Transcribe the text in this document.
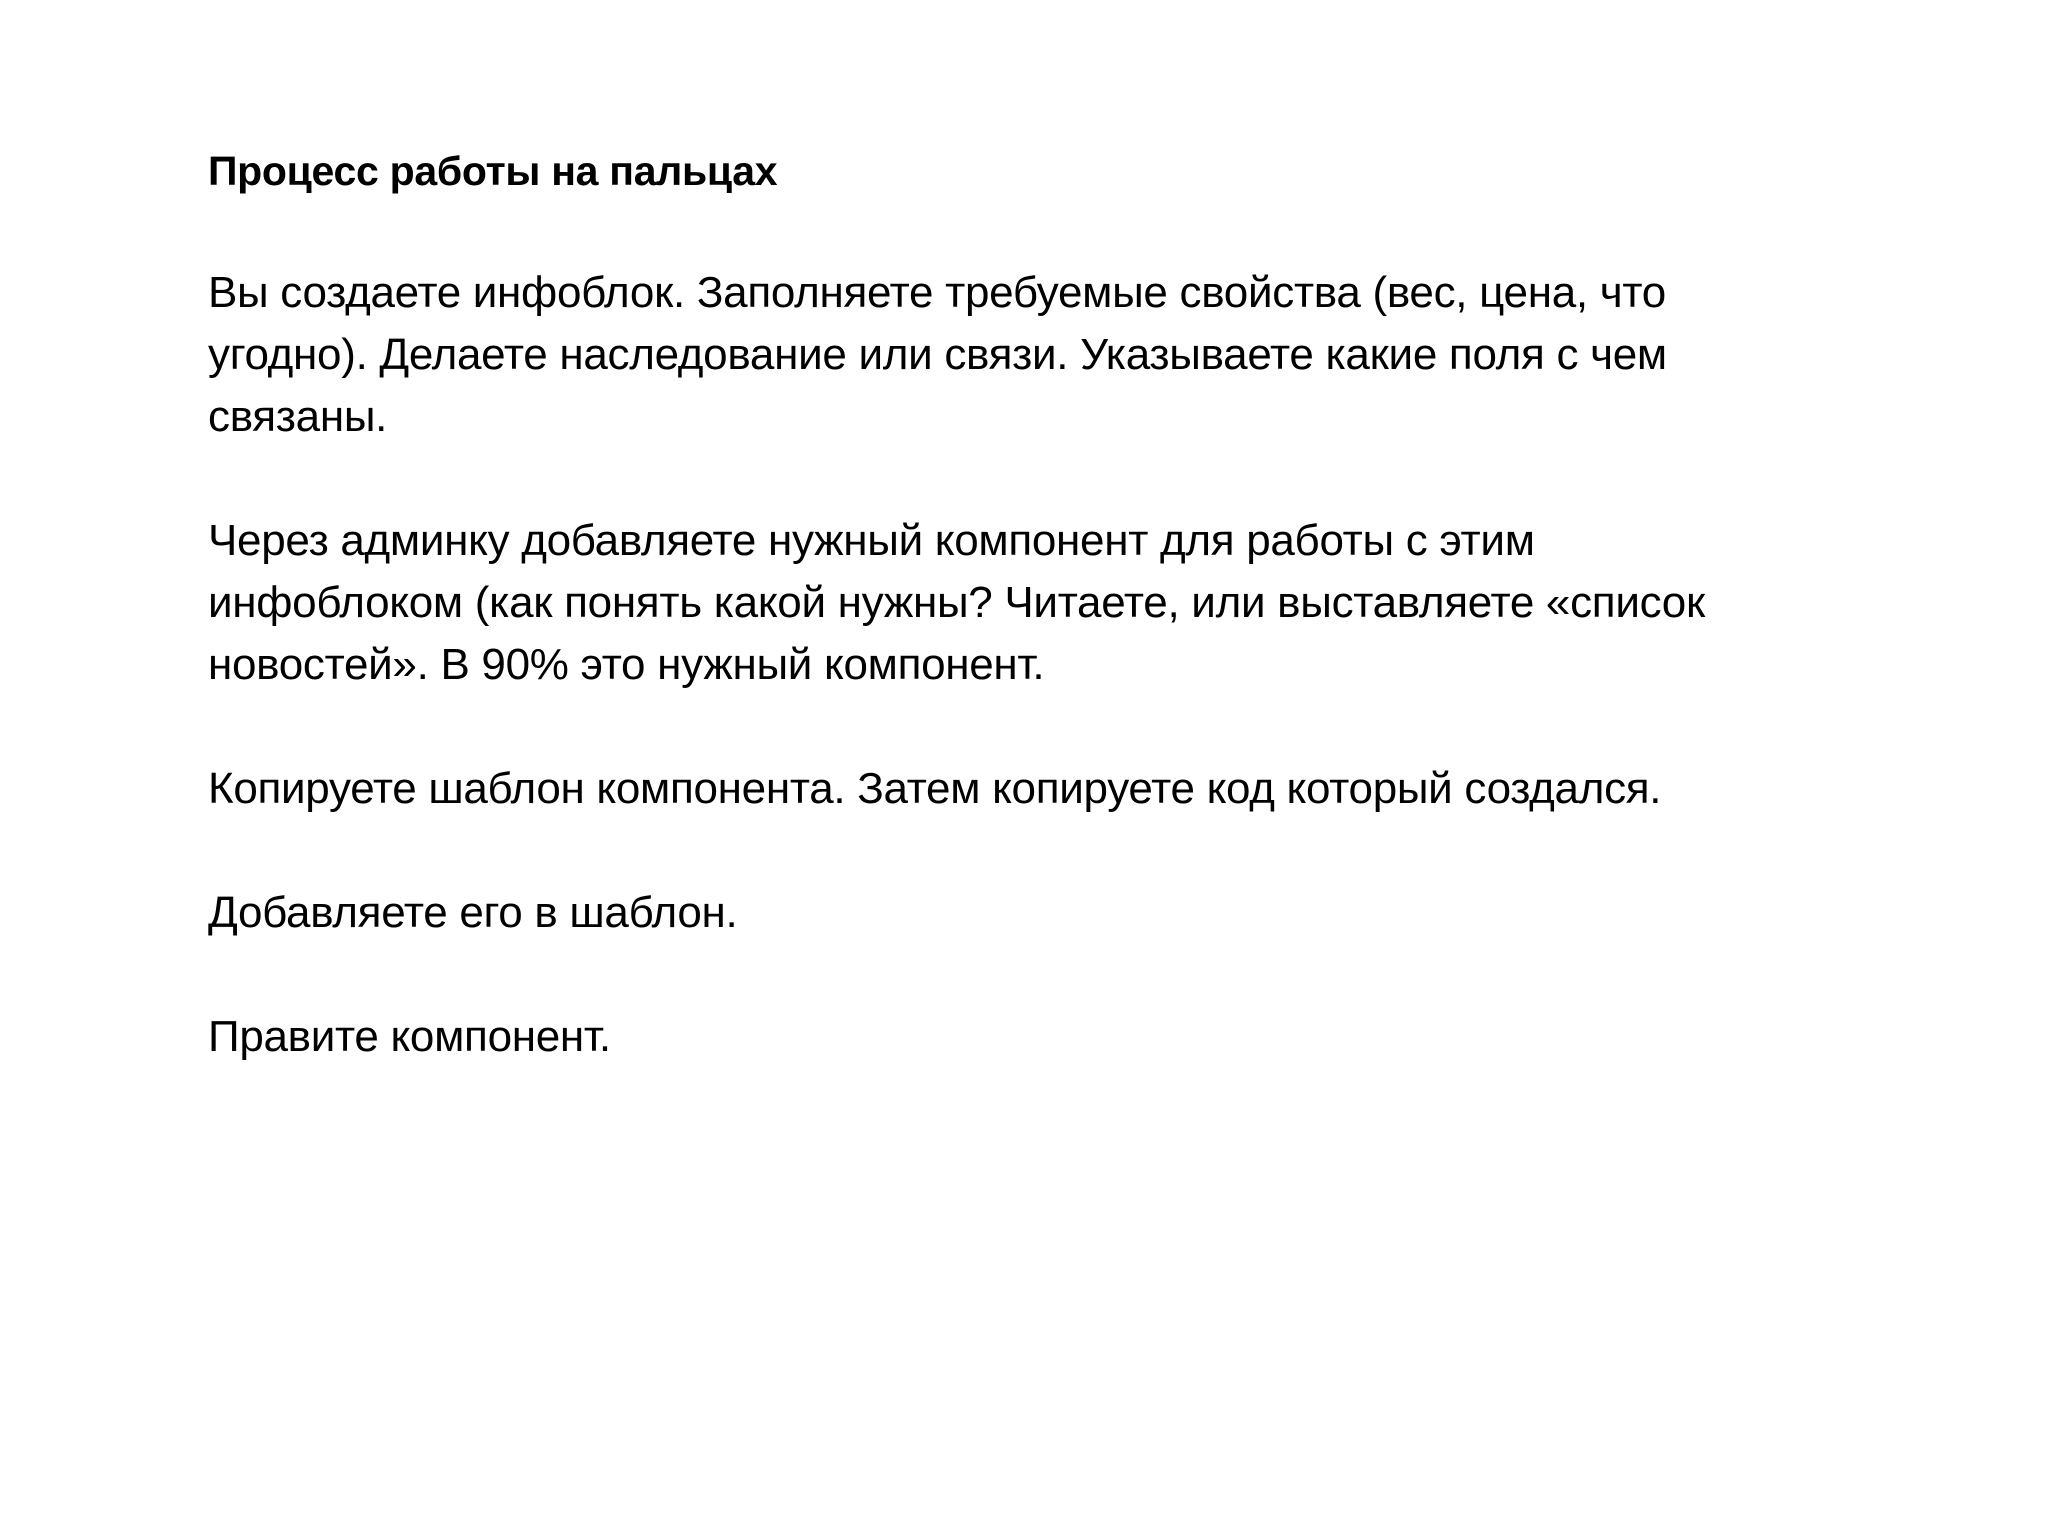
Процесс работы на пальцах
Вы создаете инфоблок. Заполняете требуемые свойства (вес, цена, что
угодно). Делаете наследование или связи. Указываете какие поля с чем
связаны.
Через админку добавляете нужный компонент для работы с этим
инфоблоком (как понять какой нужны? Читаете, или выставляете «список
новостей». В 90% это нужный компонент.
Копируете шаблон компонента. Затем копируете код который создался.
Добавляете его в шаблон.
Правите компонент.
